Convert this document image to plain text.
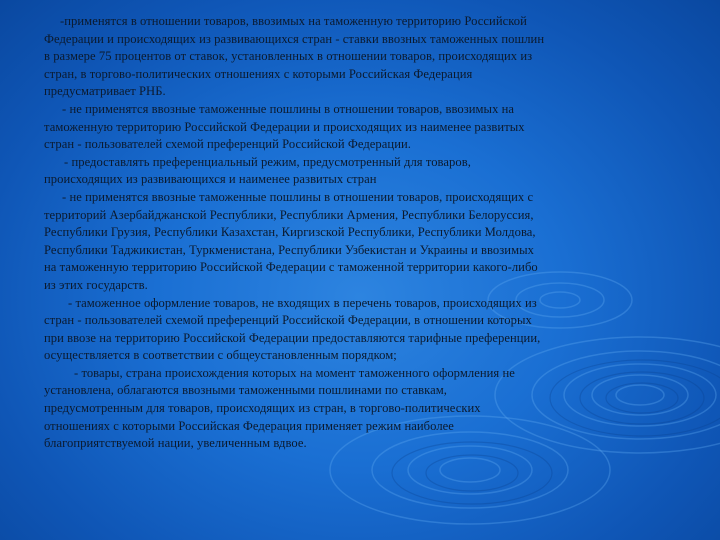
-применятся в отношении товаров, ввозимых на таможенную территорию Российской
Федерации и происходящих из развивающихся стран - ставки ввозных таможенных пошлин
в размере 75 процентов от ставок, установленных в отношении товаров, происходящих из
стран, в торгово-политических отношениях с которыми Российская Федерация
предусматривает РНБ.

- не применятся ввозные таможенные пошлины в отношении товаров, ввозимых на
таможенную территорию Российской Федерации и происходящих из наименее развитых
стран - пользователей схемой преференций Российской Федерации.

- предоставлять преференциальный режим, предусмотренный для товаров,
происходящих из развивающихся и наименее развитых стран

- не применятся ввозные таможенные пошлины в отношении товаров, происходящих с
территорий Азербайджанской Республики, Республики Армения, Республики Белоруссия,
Республики Грузия, Республики Казахстан, Киргизской Республики, Республики Молдова,
Республики Таджикистан, Туркменистана, Республики Узбекистан и Украины и ввозимых
на таможенную территорию Российской Федерации с таможенной территории какого-либо
из этих государств.

- таможенное оформление товаров, не входящих в перечень товаров, происходящих из
стран - пользователей схемой преференций Российской Федерации, в отношении которых
при ввозе на территорию Российской Федерации предоставляются тарифные преференции,
осуществляется в соответствии с общеустановленным порядком;

- товары, страна происхождения которых на момент таможенного оформления не
установлена, облагаются ввозными таможенными пошлинами по ставкам,
предусмотренным для товаров, происходящих из стран, в торгово-политических
отношениях с которыми Российская Федерация применяет режим наиболее
благоприятствуемой нации, увеличенным вдвое.
